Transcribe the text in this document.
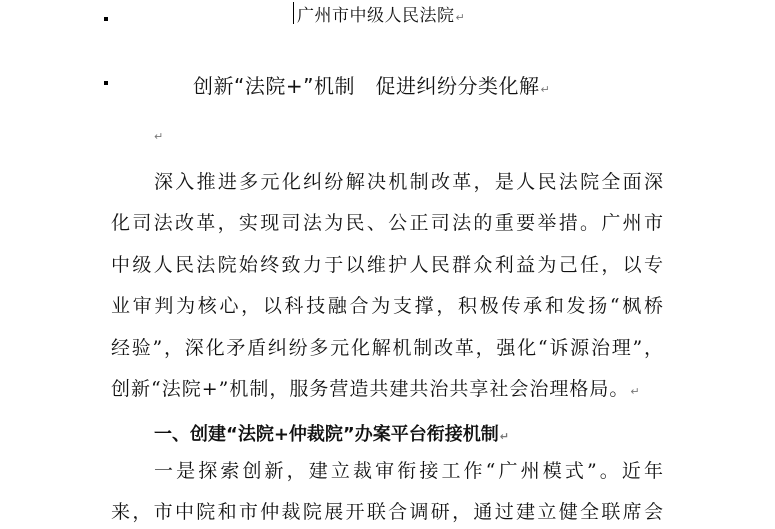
广州市中级人民法院↵
创新“法院+”机制　促进纠纷分类化解↵
↵
深入推进多元化纠纷解决机制改革，是人民法院全面深
化司法改革，实现司法为民、公正司法的重要举措。广州市
中级人民法院始终致力于以维护人民群众利益为己任，以专
业审判为核心，以科技融合为支撑，积极传承和发扬“枫桥
经验”，深化矛盾纠纷多元化解机制改革，强化“诉源治理”，
创新“法院+”机制，服务营造共建共治共享社会治理格局。↵
一、创建“法院+仲裁院”办案平台衔接机制↵
一是探索创新，建立裁审衔接工作“广州模式”。近年
来，市中院和市仲裁院展开联合调研，通过建立健全联席会
